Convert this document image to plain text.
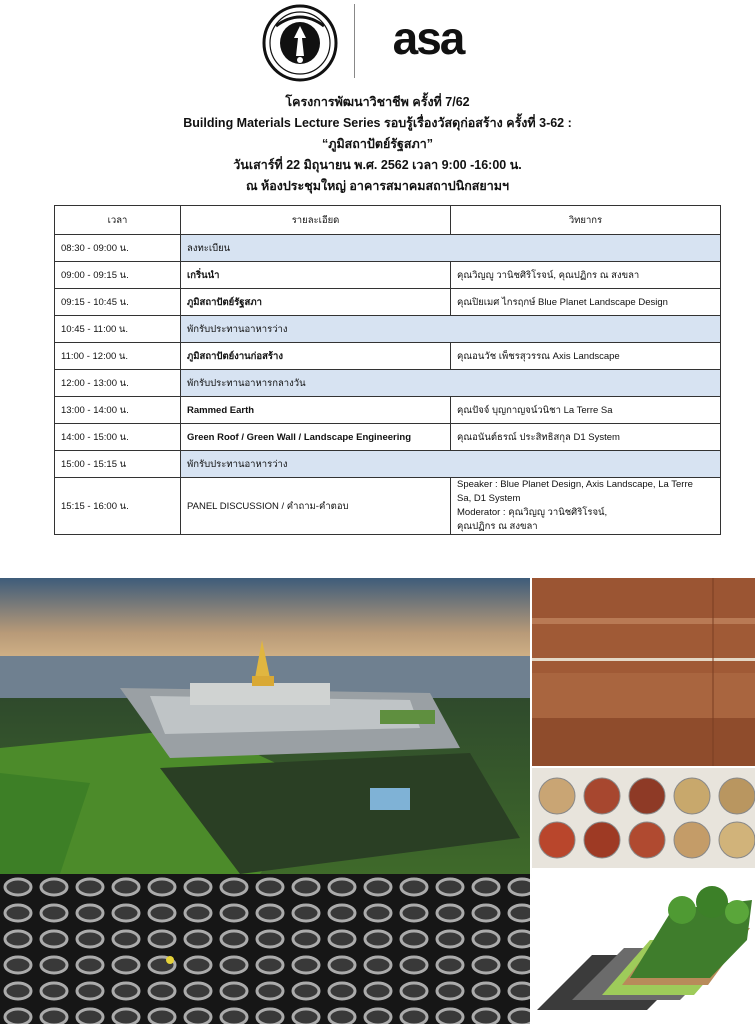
asa
โครงการพัฒนาวิชาชีพ ครั้งที่ 7/62
Building Materials Lecture Series รอบรู้เรื่องวัสดุก่อสร้าง ครั้งที่ 3-62 :
“ภูมิสถาปัตย์รัฐสภา”
วันเสาร์ที่ 22 มิถุนายน พ.ศ. 2562 เวลา 9:00 -16:00 น.
ณ ห้องประชุมใหญ่ อาคารสมาคมสถาปนิกสยามฯ
เวลา	รายละเอียด	วิทยากร
08:30 - 09:00 น.	ลงทะเบียน	
09:00 - 09:15 น.	เกริ่นนำ	คุณวิญญู วานิชศิริโรจน์, คุณปฏิกร ณ สงขลา
09:15 - 10:45 น.	ภูมิสถาปัตย์รัฐสภา	คุณปิยเมศ ไกรฤกษ์ Blue Planet Landscape Design
10:45 - 11:00 น.	พักรับประทานอาหารว่าง	
11:00 - 12:00 น.	ภูมิสถาปัตย์งานก่อสร้าง	คุณอนวัช เพ็ชรสุวรรณ Axis Landscape
12:00 - 13:00 น.	พักรับประทานอาหารกลางวัน	
13:00 - 14:00 น.	Rammed Earth	คุณปัจจ์ บุญกาญจน์วนิชา La Terre Sa
14:00 - 15:00 น.	Green Roof / Green Wall / Landscape Engineering	คุณอนันต์ธรณ์ ประสิทธิสกุล D1 System
15:00 - 15:15 น	พักรับประทานอาหารว่าง	
15:15 - 16:00 น.	PANEL DISCUSSION / คำถาม-คำตอบ	Speaker : Blue Planet Design, Axis Landscape, La Terre
Sa, D1 System
Moderator : คุณวิญญู วานิชศิริโรจน์,
คุณปฏิกร ณ สงขลา
